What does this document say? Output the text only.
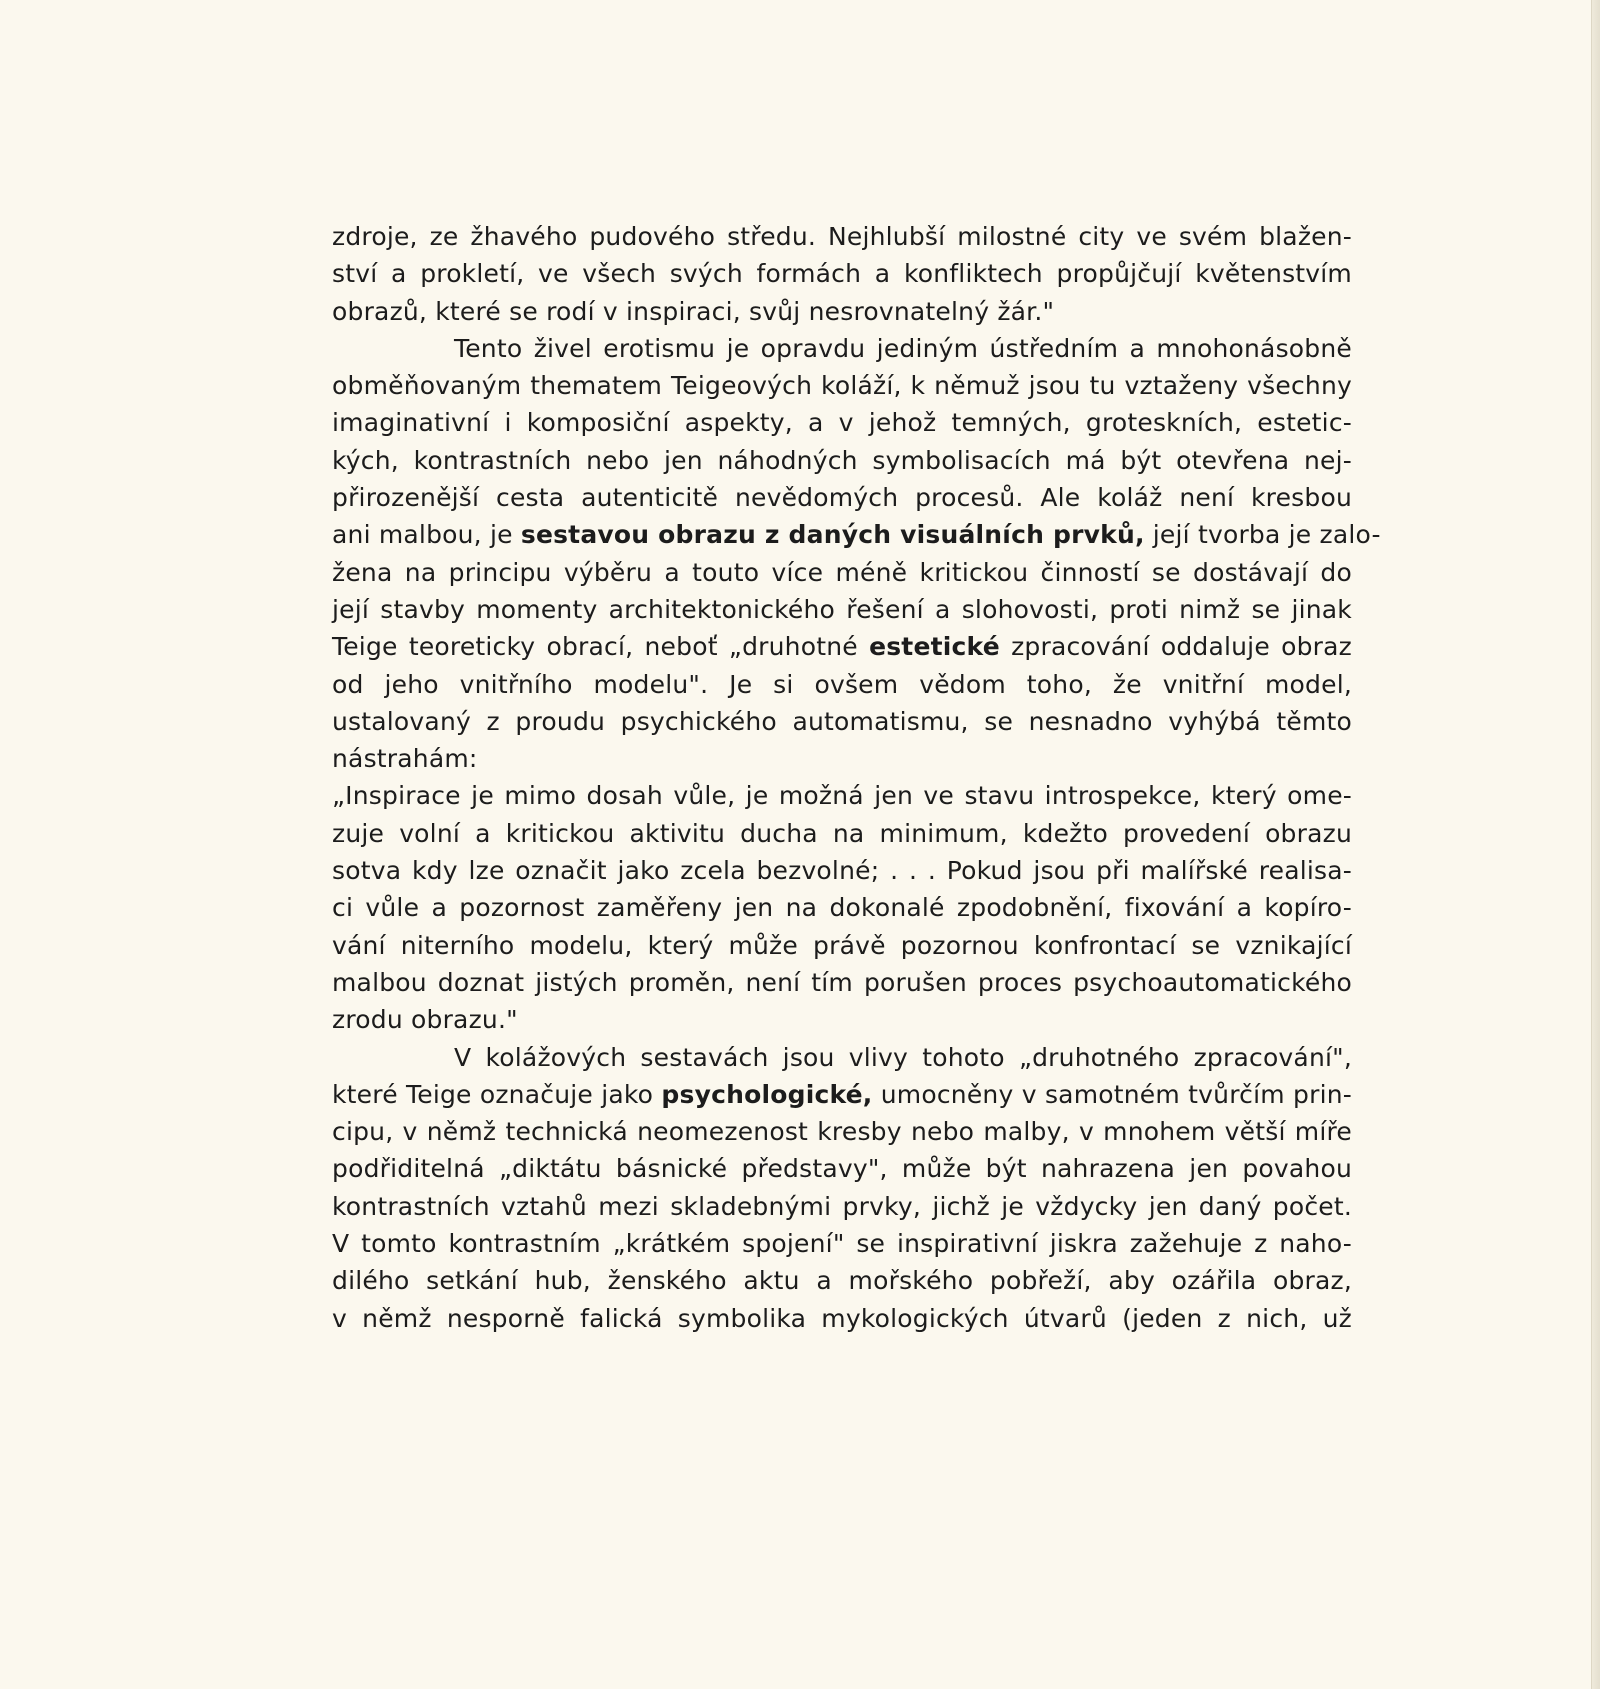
zdroje, ze žhavého pudového středu. Nejhlubší milostné city ve svém blažen-
ství a prokletí, ve všech svých formách a konfliktech propůjčují květenstvím
obrazů, které se rodí v inspiraci, svůj nesrovnatelný žár."
Tento živel erotismu je opravdu jediným ústředním a mnohonásobně
obměňovaným thematem Teigeových koláží, k němuž jsou tu vztaženy všechny
imaginativní i komposiční aspekty, a v jehož temných, groteskních, estetic-
kých, kontrastních nebo jen náhodných symbolisacích má být otevřena nej-
přirozenější cesta autenticitě nevědomých procesů. Ale koláž není kresbou
ani malbou, je sestavou obrazu z daných visuálních prvků, její tvorba je zalo-
žena na principu výběru a touto více méně kritickou činností se dostávají do
její stavby momenty architektonického řešení a slohovosti, proti nimž se jinak
Teige teoreticky obrací, neboť „druhotné estetické zpracování oddaluje obraz
od jeho vnitřního modelu". Je si ovšem vědom toho, že vnitřní model,
ustalovaný z proudu psychického automatismu, se nesnadno vyhýbá těmto
nástrahám:
„Inspirace je mimo dosah vůle, je možná jen ve stavu introspekce, který ome-
zuje volní a kritickou aktivitu ducha na minimum, kdežto provedení obrazu
sotva kdy lze označit jako zcela bezvolné; . . . Pokud jsou při malířské realisa-
ci vůle a pozornost zaměřeny jen na dokonalé zpodobnění, fixování a kopíro-
vání niterního modelu, který může právě pozornou konfrontací se vznikající
malbou doznat jistých proměn, není tím porušen proces psychoautomatického
zrodu obrazu."
V kolážových sestavách jsou vlivy tohoto „druhotného zpracování",
které Teige označuje jako psychologické, umocněny v samotném tvůrčím prin-
cipu, v němž technická neomezenost kresby nebo malby, v mnohem větší míře
podřiditelná „diktátu básnické představy", může být nahrazena jen povahou
kontrastních vztahů mezi skladebnými prvky, jichž je vždycky jen daný počet.
V tomto kontrastním „krátkém spojení" se inspirativní jiskra zažehuje z naho-
dilého setkání hub, ženského aktu a mořského pobřeží, aby ozářila obraz,
v němž nesporně falická symbolika mykologických útvarů (jeden z nich, už
